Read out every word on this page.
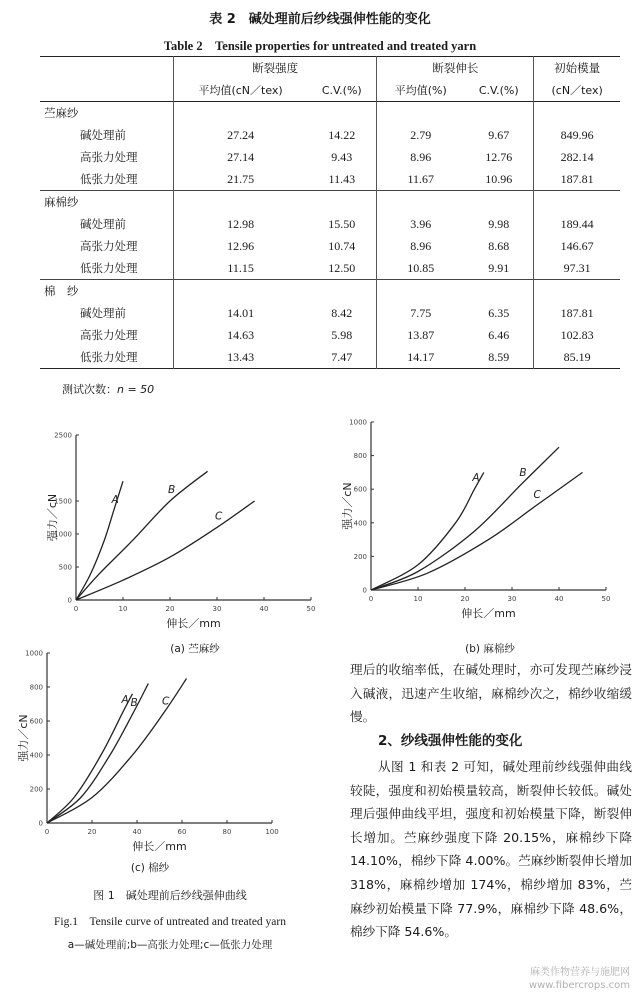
表 2　碱处理前后纱线强伸性能的变化
Table 2　Tensile properties for untreated and treated yarn
	断裂强度		断裂伸长		初始模量
	平均值(cN／tex)	C.V.(%)	平均值(%)	C.V.(%)	(cN／tex)
苎麻纱					
碱处理前	27.24	14.22	2.79	9.67	849.96
高张力处理	27.14	9.43	8.96	12.76	282.14
低张力处理	21.75	11.43	11.67	10.96	187.81
麻棉纱					
碱处理前	12.98	15.50	3.96	9.98	189.44
高张力处理	12.96	10.74	8.96	8.68	146.67
低张力处理	11.15	12.50	10.85	9.91	97.31
棉　纱					
碱处理前	14.01	8.42	7.75	6.35	187.81
高张力处理	14.63	5.98	13.87	6.46	102.83
低张力处理	13.43	7.47	14.17	8.59	85.19
测试次数：n = 50
0	10	20	30	40	50
0
500
1000
1500
2500
伸长／mm
强力／cN	A
B
C
(a) 苎麻纱
0	10	20	30	40	50
0
200
400
600
800
1000
伸长／mm
强力／cN
A	B
C
(b) 麻棉纱
0	20	40	60	80	100
0
200
400
600
800
1000
伸长／mm
强力／cN
A B C
(c) 棉纱
图 1　碱处理前后纱线强伸曲线
Fig.1　Tensile curve of untreated and treated yarn
a—碱处理前;b—高张力处理;c—低张力处理
理后的收缩率低，在碱处理时，亦可发现苎麻纱浸入碱液，迅速产生收缩，麻棉纱次之，棉纱收缩缓慢。
2、纱线强伸性能的变化
从图 1 和表 2 可知，碱处理前纱线强伸曲线较陡，强度和初始模量较高，断裂伸长较低。碱处理后强伸曲线平坦，强度和初始模量下降，断裂伸长增加。苎麻纱强度下降 20.15%，麻棉纱下降 14.10%，棉纱下降 4.00%。苎麻纱断裂伸长增加 318%，麻棉纱增加 174%，棉纱增加 83%，苎麻纱初始模量下降 77.9%，麻棉纱下降 48.6%，棉纱下降 54.6%。
麻类作物营养与施肥网
www.fibercrops.com
